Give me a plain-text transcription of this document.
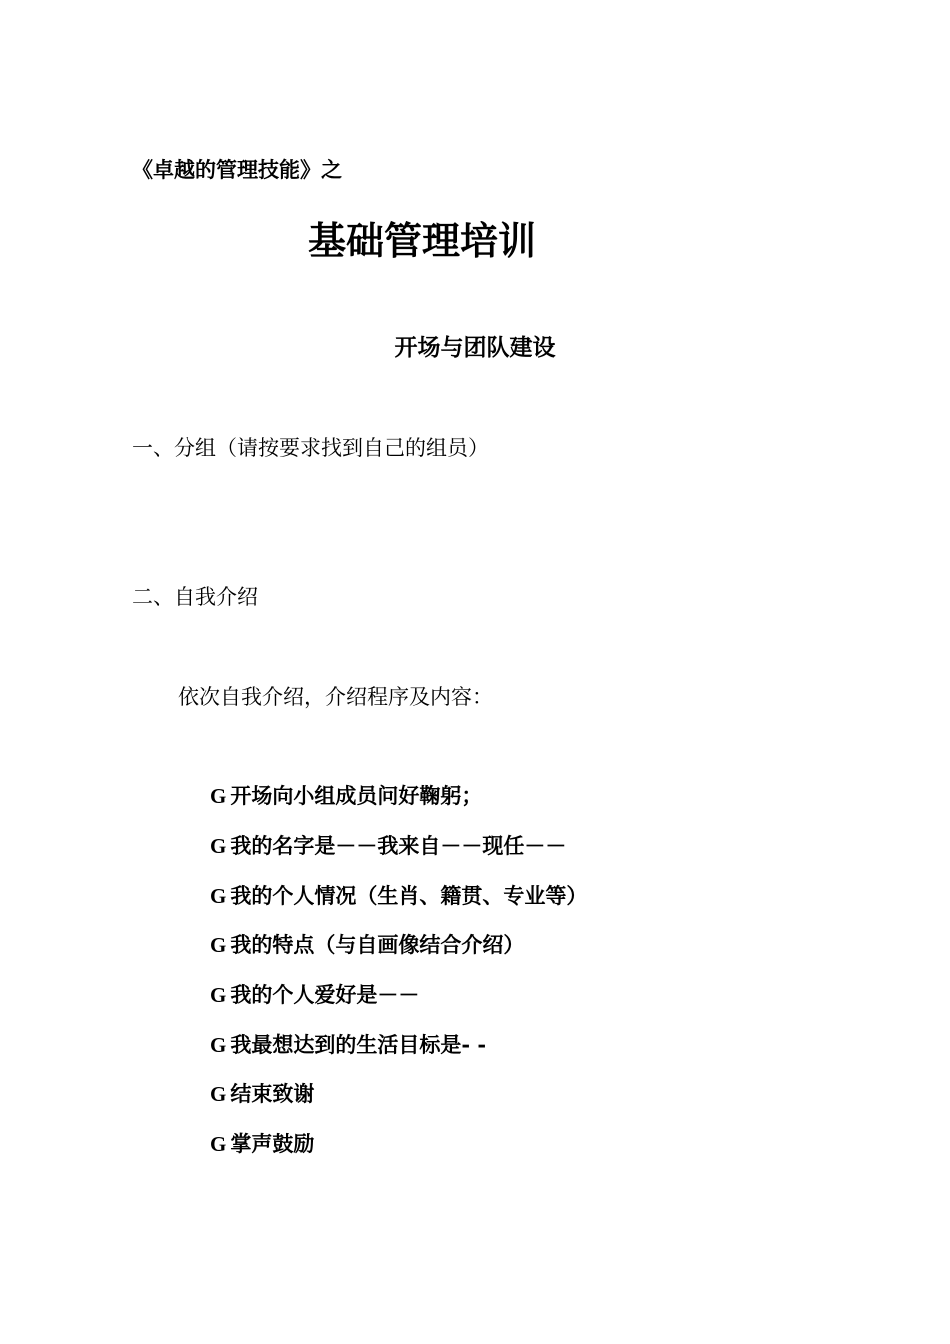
《卓越的管理技能》之
基础管理培训
开场与团队建设
一、分组（请按要求找到自己的组员）
二、自我介绍
依次自我介绍，介绍程序及内容：
G 开场向小组成员问好鞠躬；
G 我的名字是－－我来自－－现任－－
G 我的个人情况（生肖、籍贯、专业等）
G 我的特点（与自画像结合介绍）
G 我的个人爱好是－－
G 我最想达到的生活目标是- -
G 结束致谢
G 掌声鼓励
